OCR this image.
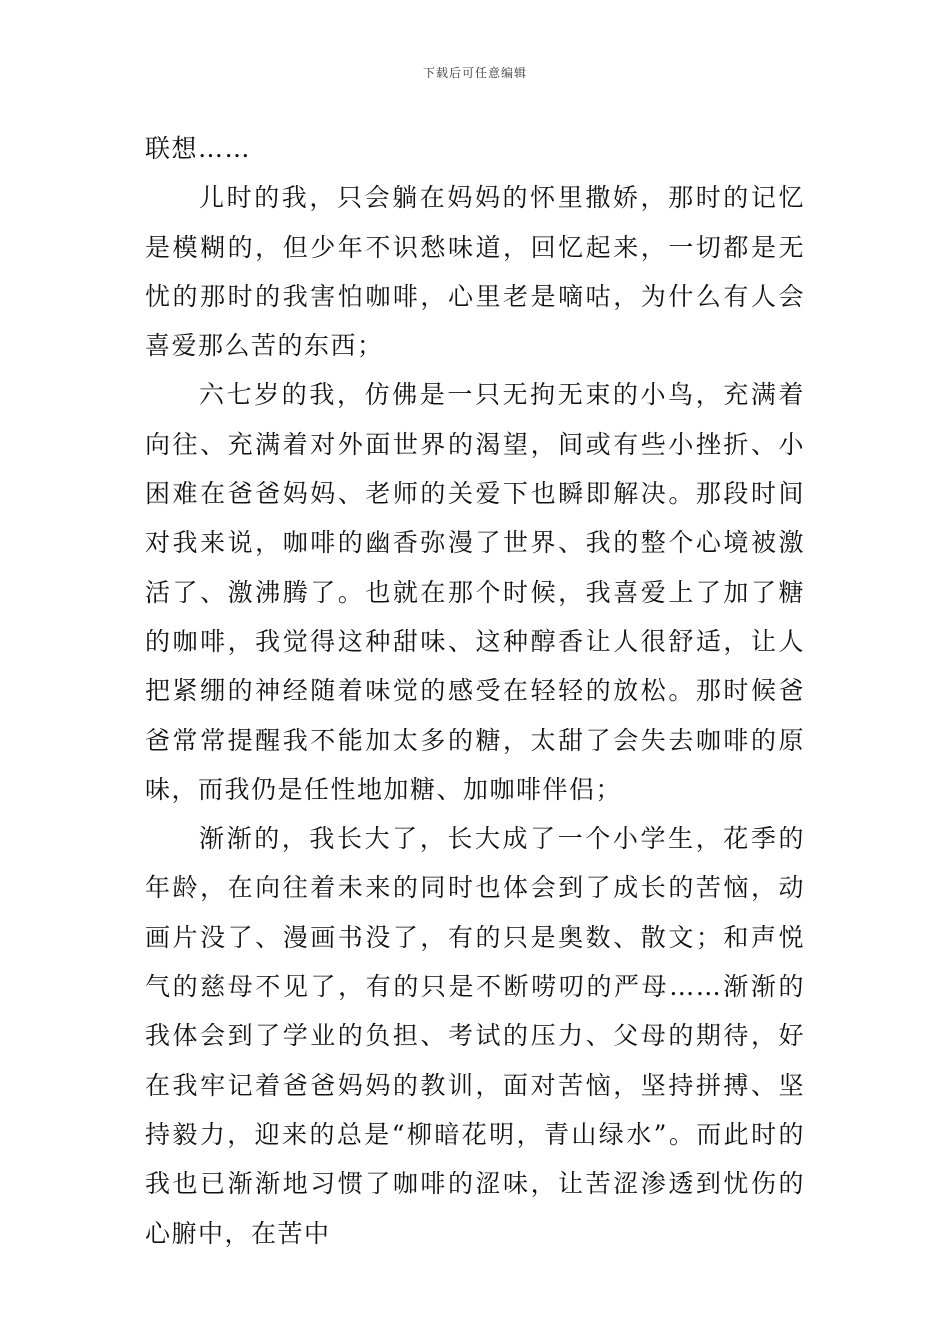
下载后可任意编辑

联想……

儿时的我，只会躺在妈妈的怀里撒娇，那时的记忆是模糊的，但少年不识愁味道，回忆起来，一切都是无忧的那时的我害怕咖啡，心里老是嘀咕，为什么有人会喜爱那么苦的东西；

六七岁的我，仿佛是一只无拘无束的小鸟，充满着向往、充满着对外面世界的渴望，间或有些小挫折、小困难在爸爸妈妈、老师的关爱下也瞬即解决。那段时间对我来说，咖啡的幽香弥漫了世界、我的整个心境被激活了、激沸腾了。也就在那个时候，我喜爱上了加了糖的咖啡，我觉得这种甜味、这种醇香让人很舒适，让人把紧绷的神经随着味觉的感受在轻轻的放松。那时候爸爸常常提醒我不能加太多的糖，太甜了会失去咖啡的原味，而我仍是任性地加糖、加咖啡伴侣；

渐渐的，我长大了，长大成了一个小学生，花季的年龄，在向往着未来的同时也体会到了成长的苦恼，动画片没了、漫画书没了，有的只是奥数、散文；和声悦气的慈母不见了，有的只是不断唠叨的严母……渐渐的我体会到了学业的负担、考试的压力、父母的期待，好在我牢记着爸爸妈妈的教训，面对苦恼，坚持拼搏、坚持毅力，迎来的总是“柳暗花明，青山绿水”。而此时的我也已渐渐地习惯了咖啡的涩味，让苦涩渗透到忧伤的心腑中，在苦中
